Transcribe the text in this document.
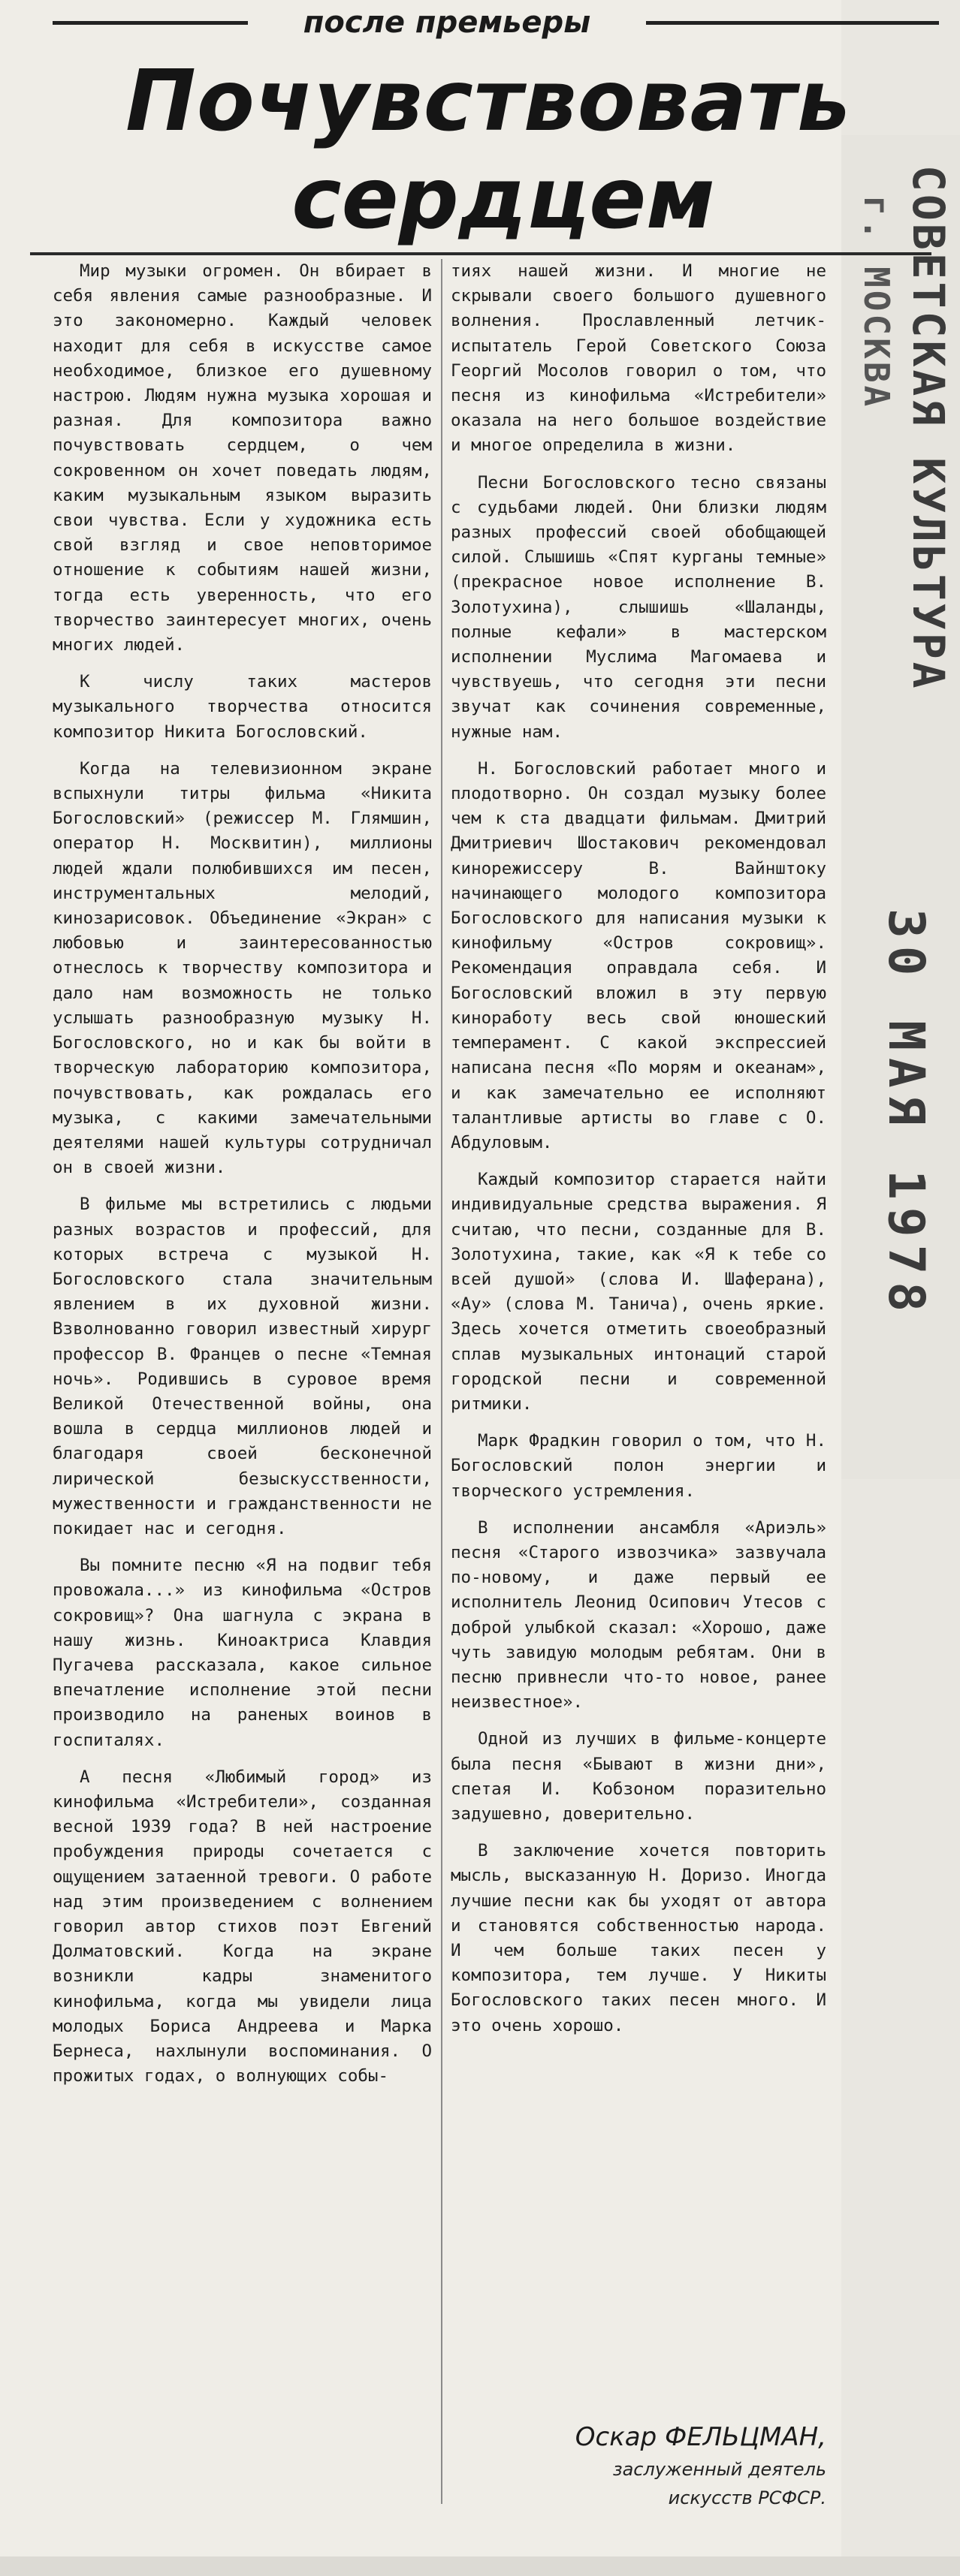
после премьеры
Почувствовать
сердцем

Мир музыки огромен. Он вбирает в себя явления самые разнообразные. И это закономерно. Каждый человек находит для себя в искусстве самое необходимое, близкое его душевному настрою. Людям нужна музыка хорошая и разная. Для композитора важно почувствовать сердцем, о чем сокровенном он хочет поведать людям, каким музыкальным языком выразить свои чувства. Если у художника есть свой взгляд и свое неповторимое отношение к событиям нашей жизни, тогда есть уверенность, что его творчество заинтересует многих, очень многих людей.

К числу таких мастеров музыкального творчества относится композитор Никита Богословский.

Когда на телевизионном экране вспыхнули титры фильма «Никита Богословский» (режиссер М. Глямшин, оператор Н. Москвитин), миллионы людей ждали полюбившихся им песен, инструментальных мелодий, кинозарисовок. Объединение «Экран» с любовью и заинтересованностью отнеслось к творчеству композитора и дало нам возможность не только услышать разнообразную музыку Н. Богословского, но и как бы войти в творческую лабораторию композитора, почувствовать, как рождалась его музыка, с какими замечательными деятелями нашей культуры сотрудничал он в своей жизни.

В фильме мы встретились с людьми разных возрастов и профессий, для которых встреча с музыкой Н. Богословского стала значительным явлением в их духовной жизни. Взволнованно говорил известный хирург профессор В. Францев о песне «Темная ночь». Родившись в суровое время Великой Отечественной войны, она вошла в сердца миллионов людей и благодаря своей бесконечной лирической безыскусственности, мужественности и гражданственности не покидает нас и сегодня.

Вы помните песню «Я на подвиг тебя провожала...» из кинофильма «Остров сокровищ»? Она шагнула с экрана в нашу жизнь. Киноактриса Клавдия Пугачева рассказала, какое сильное впечатление исполнение этой песни производило на раненых воинов в госпиталях.

А песня «Любимый город» из кинофильма «Истребители», созданная весной 1939 года? В ней настроение пробуждения природы сочетается с ощущением затаенной тревоги. О работе над этим произведением с волнением говорил автор стихов поэт Евгений Долматовский. Когда на экране возникли кадры знаменитого кинофильма, когда мы увидели лица молодых Бориса Андреева и Марка Бернеса, нахлынули воспоминания. О прожитых годах, о волнующих собы-

тиях нашей жизни. И многие не скрывали своего большого душевного волнения. Прославленный летчик-испытатель Герой Советского Союза Георгий Мосолов говорил о том, что песня из кинофильма «Истребители» оказала на него большое воздействие и многое определила в жизни.

Песни Богословского тесно связаны с судьбами людей. Они близки людям разных профессий своей обобщающей силой. Слышишь «Спят курганы темные» (прекрасное новое исполнение В. Золотухина), слышишь «Шаланды, полные кефали» в мастерском исполнении Муслима Магомаева и чувствуешь, что сегодня эти песни звучат как сочинения современные, нужные нам.

Н. Богословский работает много и плодотворно. Он создал музыку более чем к ста двадцати фильмам. Дмитрий Дмитриевич Шостакович рекомендовал кинорежиссеру В. Вайнштоку начинающего молодого композитора Богословского для написания музыки к кинофильму «Остров сокровищ». Рекомендация оправдала себя. И Богословский вложил в эту первую киноработу весь свой юношеский темперамент. С какой экспрессией написана песня «По морям и океанам», и как замечательно ее исполняют талантливые артисты во главе с О. Абдуловым.

Каждый композитор старается найти индивидуальные средства выражения. Я считаю, что песни, созданные для В. Золотухина, такие, как «Я к тебе со всей душой» (слова И. Шаферана), «Ау» (слова М. Танича), очень яркие. Здесь хочется отметить своеобразный сплав музыкальных интонаций старой городской песни и современной ритмики.

Марк Фрадкин говорил о том, что Н. Богословский полон энергии и творческого устремления.

В исполнении ансамбля «Ариэль» песня «Старого извозчика» зазвучала по-новому, и даже первый ее исполнитель Леонид Осипович Утесов с доброй улыбкой сказал: «Хорошо, даже чуть завидую молодым ребятам. Они в песню привнесли что-то новое, ранее неизвестное».

Одной из лучших в фильме-концерте была песня «Бывают в жизни дни», спетая И. Кобзоном поразительно задушевно, доверительно.

В заключение хочется повторить мысль, высказанную Н. Доризо. Иногда лучшие песни как бы уходят от автора и становятся собственностью народа. И чем больше таких песен у композитора, тем лучше. У Никиты Богословского таких песен много. И это очень хорошо.

Оскар ФЕЛЬЦМАН,
заслуженный деятель
искусств РСФСР.
СОВЕТСКАЯ КУЛЬТУРА
г. МОСКВА
30 МАЯ 1978
